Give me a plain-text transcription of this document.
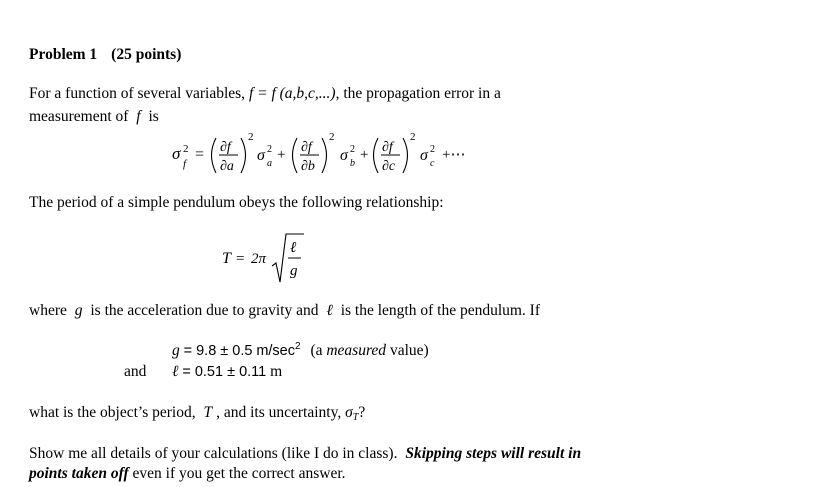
Problem 1 (25 points)
For a function of several variables, f = f (a,b,c,...), the propagation error in a
measurement of f is
σ 2
f
= ∂f
∂a
2
σ 2
a
+ ∂f
∂b
2
σ 2
b
+ ∂f
∂c
2
σ 2
c
+⋯
The period of a simple pendulum obeys the following relationship:
T = 2π
ℓ
g
where g is the acceleration due to gravity and ℓ is the length of the pendulum. If
g = 9.8 ± 0.5 $m/\sec^2$ (a measured value)
and ℓ = 0.51 ± 0.11 m
what is the object’s period, T , and its uncertainty, $\sigma_T$?
Show me all details of your calculations (like I do in class). Skipping steps will result in
points taken off even if you get the correct answer.
